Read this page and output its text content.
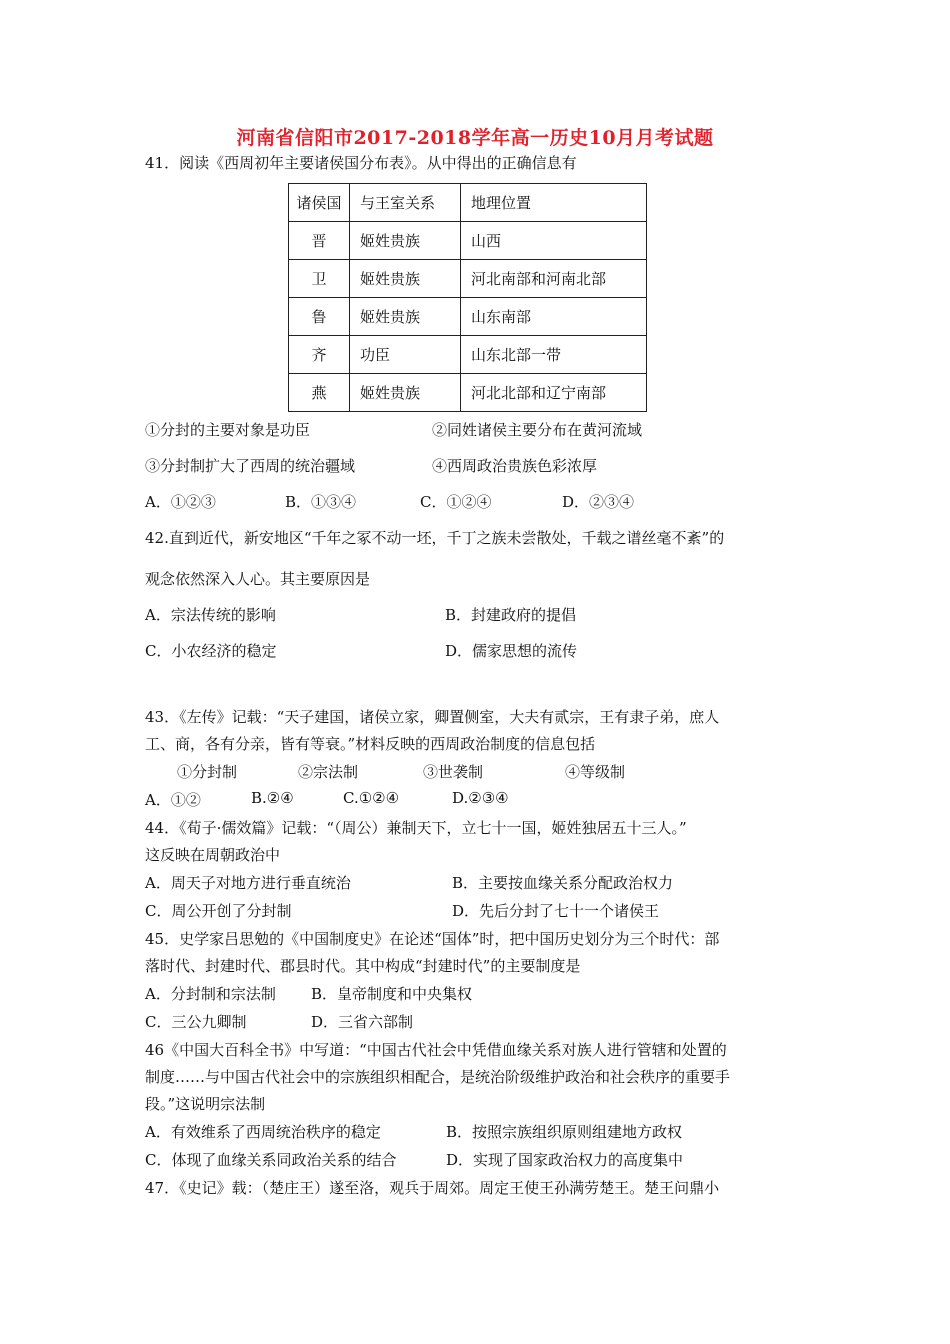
河南省信阳市2017-2018学年高一历史10月月考试题
41．阅读《西周初年主要诸侯国分布表》。从中得出的正确信息有
诸侯国	与王室关系	地理位置
晋	姬姓贵族	山西
卫	姬姓贵族	河北南部和河南北部
鲁	姬姓贵族	山东南部
齐	功臣	山东北部一带
燕	姬姓贵族	河北北部和辽宁南部
①分封的主要对象是功臣	②同姓诸侯主要分布在黄河流域
③分封制扩大了西周的统治疆域	④西周政治贵族色彩浓厚
A．①②③	B．①③④	C．①②④	D．②③④
42.直到近代，新安地区“千年之冢不动一坯，千丁之族未尝散处，千载之谱丝毫不紊”的
观念依然深入人心。其主要原因是
A．宗法传统的影响	B．封建政府的提倡
C．小农经济的稳定	D．儒家思想的流传
43．《左传》记载：“天子建国，诸侯立家，卿置侧室，大夫有贰宗，王有隶子弟，庶人
工、商，各有分亲，皆有等衰。”材料反映的西周政治制度的信息包括
①分封制	②宗法制	③世袭制	④等级制
A．①②	B.②④	C.①②④	D.②③④
44．《荀子·儒效篇》记载：“（周公）兼制天下，立七十一国，姬姓独居五十三人。”
这反映在周朝政治中
A．周天子对地方进行垂直统治	B．主要按血缘关系分配政治权力
C．周公开创了分封制	D．先后分封了七十一个诸侯王
45．史学家吕思勉的《中国制度史》在论述“国体”时，把中国历史划分为三个时代：部
落时代、封建时代、郡县时代。其中构成“封建时代”的主要制度是
A．分封制和宗法制 B．皇帝制度和中央集权
C．三公九卿制	D．三省六部制
46《中国大百科全书》中写道：“中国古代社会中凭借血缘关系对族人进行管辖和处置的
制度……与中国古代社会中的宗族组织相配合，是统治阶级维护政治和社会秩序的重要手
段。”这说明宗法制
A．有效维系了西周统治秩序的稳定	B．按照宗族组织原则组建地方政权
C．体现了血缘关系同政治关系的结合	D．实现了国家政治权力的高度集中
47．《史记》载：（楚庄王）遂至洛，观兵于周郊。周定王使王孙满劳楚王。楚王问鼎小
